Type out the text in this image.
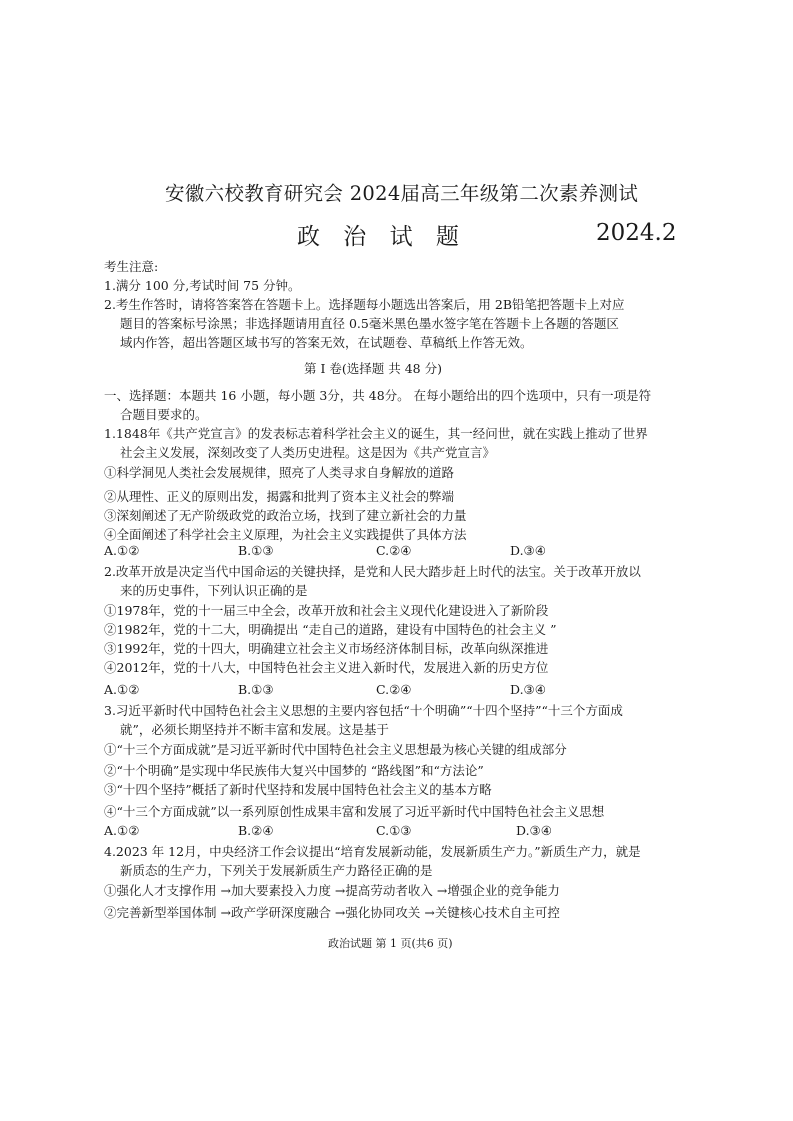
安徽六校教育研究会 2024届高三年级第二次素养测试
政 治 试 题	2024.2
考生注意:
1.满分 100 分,考试时间 75 分钟。
2.考生作答时，请将答案答在答题卡上。选择题每小题选出答案后，用 2B铅笔把答题卡上对应
题目的答案标号涂黑；非选择题请用直径 0.5毫米黑色墨水签字笔在答题卡上各题的答题区
域内作答，超出答题区域书写的答案无效，在试题卷、草稿纸上作答无效。
第 I 卷(选择题 共 48 分)
一、选择题：本题共 16 小题，每小题 3分，共 48分。 在每小题给出的四个选项中，只有一项是符
合题目要求的。
1.1848年《共产党宣言》的发表标志着科学社会主义的诞生，其一经问世，就在实践上推动了世界
社会主义发展，深刻改变了人类历史进程。这是因为《共产党宣言》
①科学洞见人类社会发展规律，照亮了人类寻求自身解放的道路
②从理性、正义的原则出发，揭露和批判了资本主义社会的弊端
③深刻阐述了无产阶级政党的政治立场，找到了建立新社会的力量
④全面阐述了科学社会主义原理，为社会主义实践提供了具体方法
A.①②	B.①③	C.②④	D.③④
2.改革开放是决定当代中国命运的关键抉择，是党和人民大踏步赶上时代的法宝。关于改革开放以
来的历史事件，下列认识正确的是
①1978年，党的十一届三中全会，改革开放和社会主义现代化建设进入了新阶段
②1982年，党的十二大，明确提出 “走自己的道路，建设有中国特色的社会主义 ”
③1992年，党的十四大，明确建立社会主义市场经济体制目标，改革向纵深推进
④2012年，党的十八大，中国特色社会主义进入新时代，发展进入新的历史方位
A.①②	B.①③	C.②④	D.③④
3.习近平新时代中国特色社会主义思想的主要内容包括“十个明确”“十四个坚持”“十三个方面成
就”，必须长期坚持并不断丰富和发展。这是基于
①“十三个方面成就”是习近平新时代中国特色社会主义思想最为核心关键的组成部分
②“十个明确”是实现中华民族伟大复兴中国梦的 “路线图”和“方法论”
③“十四个坚持”概括了新时代坚持和发展中国特色社会主义的基本方略
④“十三个方面成就”以一系列原创性成果丰富和发展了习近平新时代中国特色社会主义思想
A.①②	B.②④	C.①③	D.③④
4.2023 年 12月，中央经济工作会议提出“培育发展新动能，发展新质生产力。”新质生产力，就是
新质态的生产力，下列关于发展新质生产力路径正确的是
①强化人才支撑作用 →加大要素投入力度 →提高劳动者收入 →增强企业的竞争能力
②完善新型举国体制 →政产学研深度融合 →强化协同攻关 →关键核心技术自主可控
政治试题 第 1 页(共6 页)
